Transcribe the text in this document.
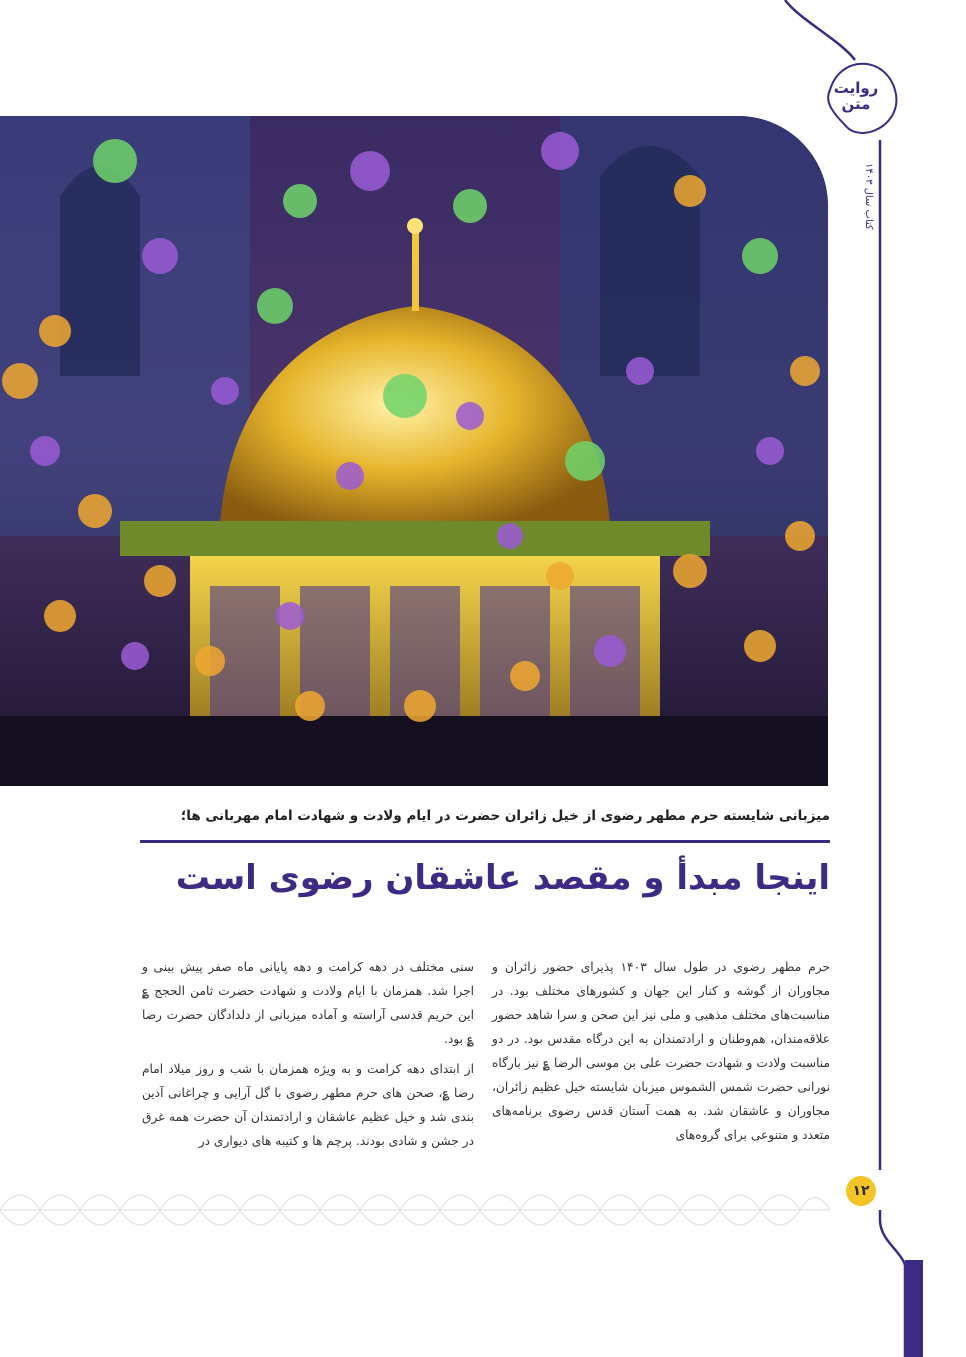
روایت متن
کتاب سال ۱۴۰۳
۱۲
میزبانی شایسته حرم مطهر رضوی از خیل زائران حضرت در ایام ولادت و شهادت امام مهربانی ها؛
اینجا مبدأ و مقصد عاشقان رضوی است

حرم مطهر رضوی در طول سال ۱۴۰۳ پذیرای حضور زائران و مجاوران از گوشه و کنار این جهان و کشورهای مختلف بود. در مناسبت‌های مختلف مذهبی و ملی نیز این صحن و سرا شاهد حضور علاقه‌مندان، هم‌وطنان و ارادتمندان به این درگاه مقدس بود. در دو مناسبت ولادت و شهادت حضرت علی بن موسی الرضا ؏ نیز بارگاه نورانی حضرت شمس الشموس میزبان شایسته خیل عظیم زائران، مجاوران و عاشقان شد. به همت آستان قدس رضوی برنامه‌های متعدد و متنوعی برای گروه‌های

سنی مختلف در دهه کرامت و دهه پایانی ماه صفر پیش بینی و اجرا شد. همزمان با ایام ولادت و شهادت حضرت ثامن الحجج ؏ این حریم قدسی آراسته و آماده میزبانی از دلدادگان حضرت رضا ؏ بود.

از ابتدای دهه کرامت و به ویژه همزمان با شب و روز میلاد امام رضا ؏، صحن های حرم مطهر رضوی با گل آرایی و چراغانی آذین بندی شد و خیل عظیم عاشقان و ارادتمندان آن حضرت همه غرق در جشن و شادی بودند. پرچم ها و کتیبه های دیواری در
